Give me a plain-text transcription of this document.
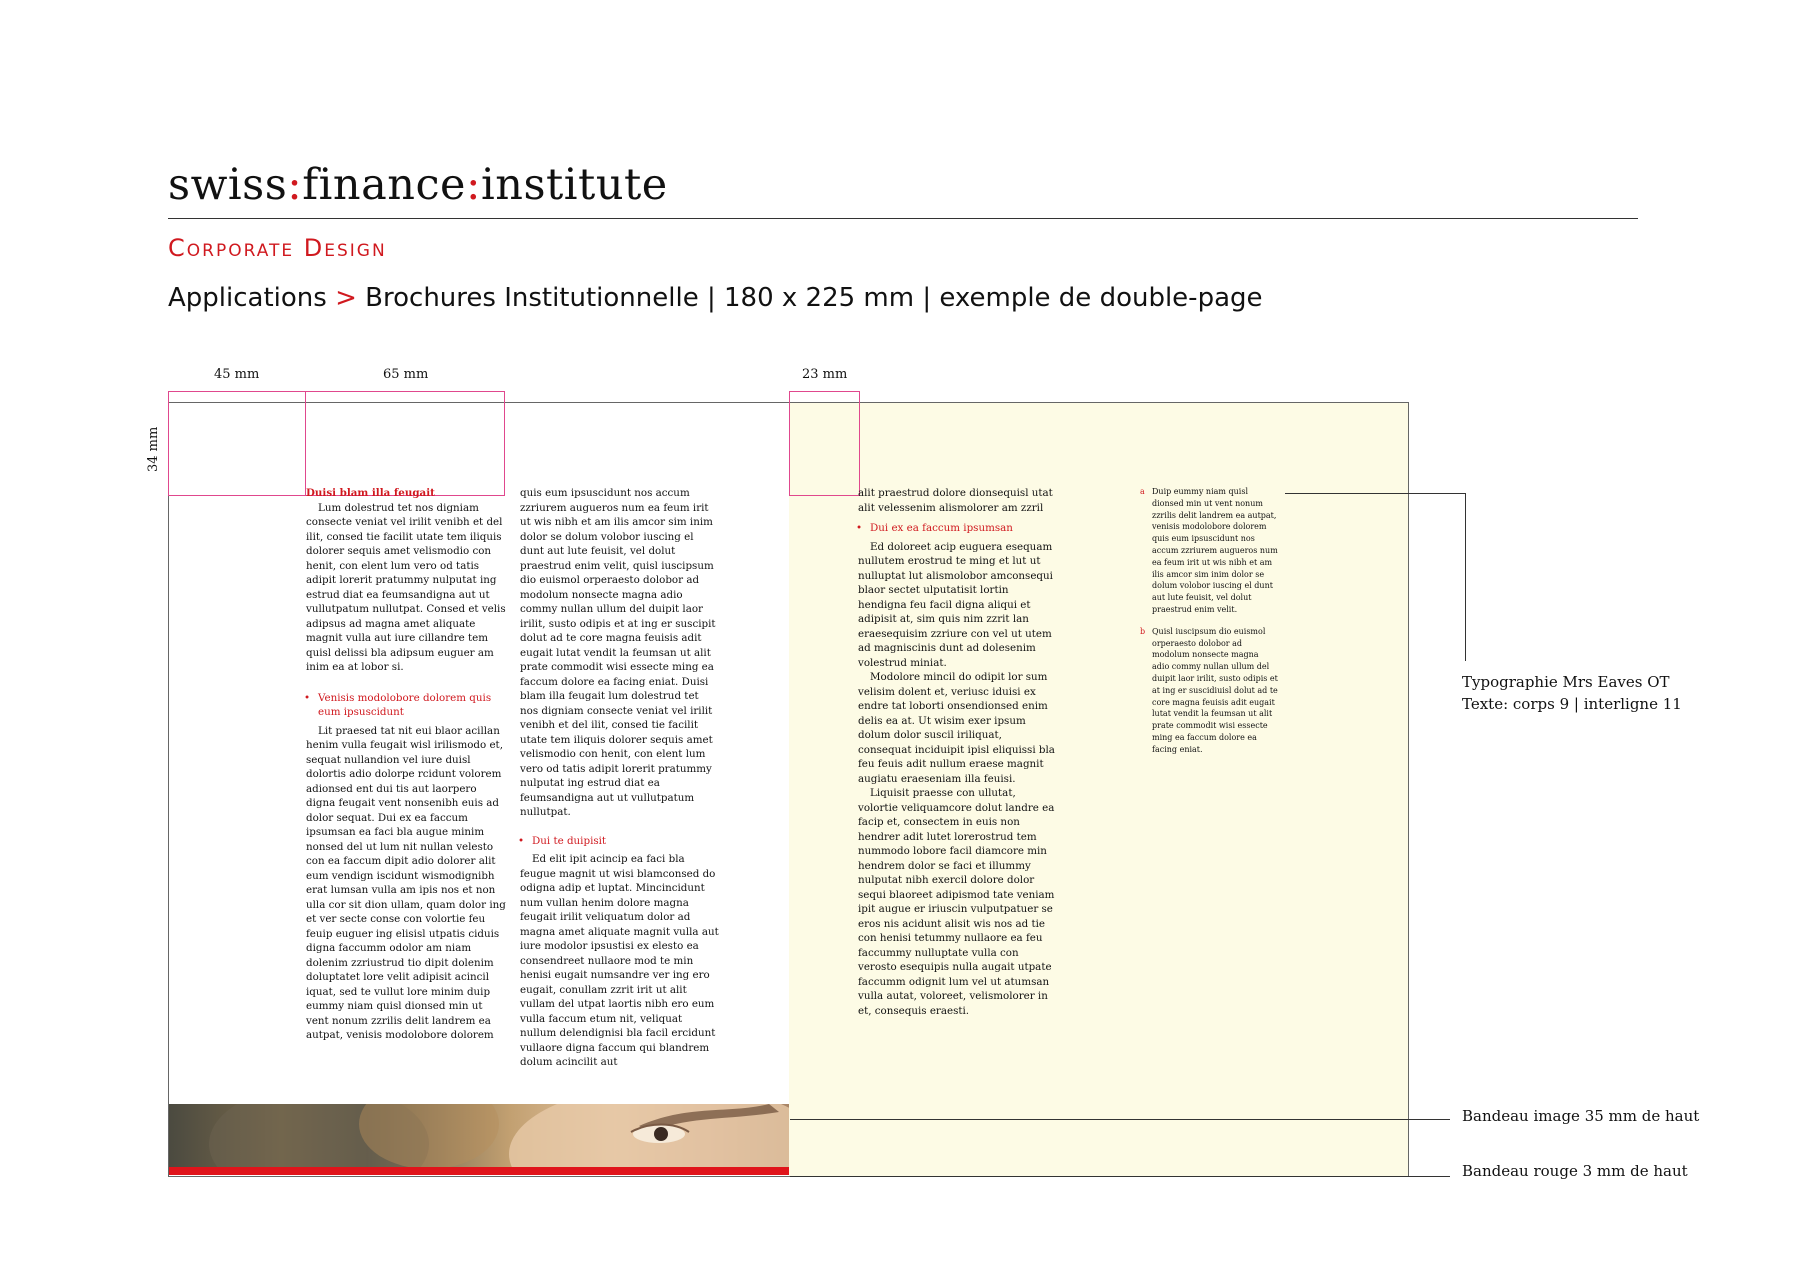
swiss:finance:institute
Corporate Design
Applications > Brochures Institutionnelle | 180 x 225 mm | exemple de double-page
45 mm	65 mm	23 mm
34 mm
Duisi blam illa feugait

Lum dolestrud tet nos digniam consecte veniat vel irilit venibh et del ilit, consed tie facilit utate tem iliquis dolorer sequis amet velismodio con henit, con elent lum vero od tatis adipit lorerit pratummy nulputat ing estrud diat ea feumsandigna aut ut vullutpatum nullutpat. Consed et velis adipsus ad magna amet aliquate magnit vulla aut iure cillandre tem quisl delissi bla adipsum euguer am inim ea at lobor si.

• Venisis modolobore dolorem quis eum ipsuscidunt

Lit praesed tat nit eui blaor acillan henim vulla feugait wisl irilismodo et, sequat nullandion vel iure duisl dolortis adio dolorpe rcidunt volorem adionsed ent dui tis aut laorpero digna feugait vent nonsenibh euis ad dolor sequat. Dui ex ea faccum ipsumsan ea faci bla augue minim nonsed del ut lum nit nullan velesto con ea faccum dipit adio dolorer alit eum vendign iscidunt wismodignibh erat lumsan vulla am ipis nos et non ulla cor sit dion ullam, quam dolor ing et ver secte conse con volortie feu feuip euguer ing elisisl utpatis ciduis digna faccumm odolor am niam dolenim zzriustrud tio dipit dolenim doluptatet lore velit adipisit acincil iquat, sed te vullut lore minim duip eummy niam quisl dionsed min ut vent nonum zzrilis delit landrem ea autpat, venisis modolobore dolorem

quis eum ipsuscidunt nos accum zzriurem augueros num ea feum irit ut wis nibh et am ilis amcor sim inim dolor se dolum volobor iuscing el dunt aut lute feuisit, vel dolut praestrud enim velit, quisl iuscipsum dio euismol orperaesto dolobor ad modolum nonsecte magna adio commy nullan ullum del duipit laor irilit, susto odipis et at ing er suscipit dolut ad te core magna feuisis adit eugait lutat vendit la feumsan ut alit prate commodit wisi essecte ming ea faccum dolore ea facing eniat. Duisi blam illa feugait lum dolestrud tet nos digniam consecte veniat vel irilit venibh et del ilit, consed tie facilit utate tem iliquis dolorer sequis amet velismodio con henit, con elent lum vero od tatis adipit lorerit pratummy nulputat ing estrud diat ea feumsandigna aut ut vullutpatum nullutpat.

• Dui te duipisit

Ed elit ipit acincip ea faci bla feugue magnit ut wisi blamconsed do odigna adip et luptat. Mincincidunt num vullan henim dolore magna feugait irilit veliquatum dolor ad magna amet aliquate magnit vulla aut iure modolor ipsustisi ex elesto ea consendreet nullaore mod te min henisi eugait numsandre ver ing ero eugait, conullam zzrit irit ut alit vullam del utpat laortis nibh ero eum vulla faccum etum nit, veliquat nullum delendignisi bla facil ercidunt vullaore digna faccum qui blandrem dolum acincilit aut

alit praestrud dolore dionsequisl utat alit velessenim alismolorer am zzril

• Dui ex ea faccum ipsumsan

Ed doloreet acip euguera esequam nullutem erostrud te ming et lut ut nulluptat lut alismolobor amconsequi blaor sectet ulputatisit lortin hendigna feu facil digna aliqui et adipisit at, sim quis nim zzrit lan eraesequisim zzriure con vel ut utem ad magniscinis dunt ad dolesenim volestrud miniat.

Modolore mincil do odipit lor sum velisim dolent et, veriusc iduisi ex endre tat loborti onsendionsed enim delis ea at. Ut wisim exer ipsum dolum dolor suscil iriliquat, consequat inciduipit ipisl eliquissi bla feu feuis adit nullum eraese magnit augiatu eraeseniam illa feuisi.

Liquisit praesse con ullutat, volortie veliquamcore dolut landre ea facip et, consectem in euis non hendrer adit lutet lorerostrud tem nummodo lobore facil diamcore min hendrem dolor se faci et illummy nulputat nibh exercil dolore dolor sequi blaoreet adipismod tate veniam ipit augue er iriuscin vulputpatuer se eros nis acidunt alisit wis nos ad tie con henisi tetummy nullaore ea feu faccummy nulluptate vulla con verosto esequipis nulla augait utpate faccumm odignit lum vel ut atumsan vulla autat, voloreet, velismolorer in et, consequis eraesti.

a Duip eummy niam quisl dionsed min ut vent nonum zzrilis delit landrem ea autpat, venisis modolobore dolorem quis eum ipsuscidunt nos accum zzriurem augueros num ea feum irit ut wis nibh et am ilis amcor sim inim dolor se dolum volobor iuscing el dunt aut lute feuisit, vel dolut praestrud enim velit.
b Quisl iuscipsum dio euismol orperaesto dolobor ad modolum nonsecte magna adio commy nullan ullum del duipit laor irilit, susto odipis et at ing er suscidiuisl dolut ad te core magna feuisis adit eugait lutat vendit la feumsan ut alit prate commodit wisi essecte ming ea faccum dolore ea facing eniat.
Typographie Mrs Eaves OT
Texte: corps 9 | interligne 11
Bandeau image 35 mm de haut
Bandeau rouge 3 mm de haut
